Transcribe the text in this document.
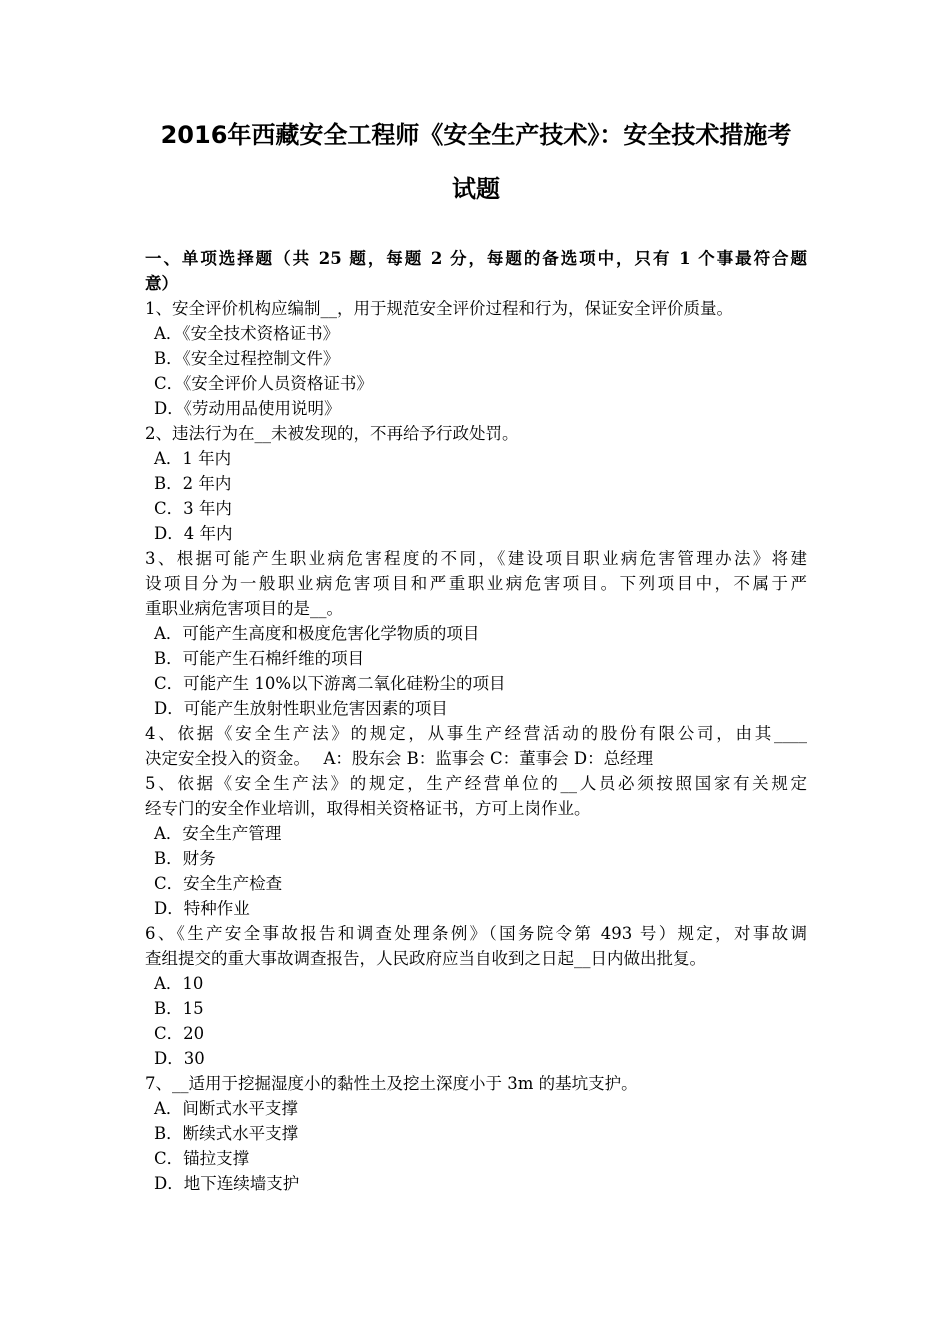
2016年西藏安全工程师《安全生产技术》：安全技术措施考
试题
一、单项选择题（共 25 题，每题 2 分，每题的备选项中，只有 1 个事最符合题
意）
1、安全评价机构应编制__，用于规范安全评价过程和行为，保证安全评价质量。
A．《安全技术资格证书》
B．《安全过程控制文件》
C．《安全评价人员资格证书》
D．《劳动用品使用说明》
2、违法行为在__未被发现的，不再给予行政处罚。
A．1 年内
B．2 年内
C．3 年内
D．4 年内
3、根据可能产生职业病危害程度的不同，《建设项目职业病危害管理办法》将建
设项目分为一般职业病危害项目和严重职业病危害项目。下列项目中，不属于严
重职业病危害项目的是__。
A．可能产生高度和极度危害化学物质的项目
B．可能产生石棉纤维的项目
C．可能产生 10%以下游离二氧化硅粉尘的项目
D．可能产生放射性职业危害因素的项目
4、依据《安全生产法》的规定，从事生产经营活动的股份有限公司，由其____
决定安全投入的资金。　 A：股东会 B：监事会 C：董事会 D：总经理
5、依据《安全生产法》的规定，生产经营单位的__人员必须按照国家有关规定
经专门的安全作业培训，取得相关资格证书，方可上岗作业。
A．安全生产管理
B．财务
C．安全生产检查
D．特种作业
6、《生产安全事故报告和调查处理条例》（国务院令第 493 号）规定，对事故调
查组提交的重大事故调查报告，人民政府应当自收到之日起__日内做出批复。
A．10
B．15
C．20
D．30
7、__适用于挖掘湿度小的黏性土及挖土深度小于 3m 的基坑支护。
A．间断式水平支撑
B．断续式水平支撑
C．锚拉支撑
D．地下连续墙支护
